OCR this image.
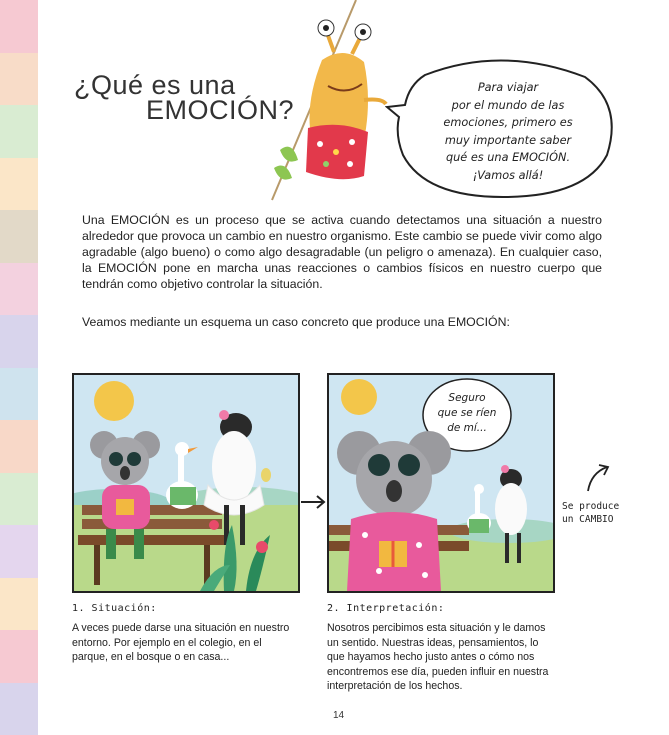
¿Qué es una
EMOCIÓN?
Para viajar
por el mundo de las
emociones, primero es
muy importante saber
qué es una EMOCIÓN.
¡Vamos allá!

Una EMOCIÓN es un proceso que se activa cuando detectamos una situación a nuestro alrededor que provoca un cambio en nuestro organismo. Este cambio se puede vivir como algo agradable (algo bueno) o como algo desagradable (un peligro o amenaza). En cualquier caso, la EMOCIÓN pone en marcha unas reacciones o cambios físicos en nuestro cuerpo que tendrán como objetivo controlar la situación.

Veamos mediante un esquema un caso concreto que produce una EMOCIÓN:

Seguro
que se ríen
de mí...
Se produce
un CAMBIO
1. Situación:
A veces puede darse una situación en nuestro entorno. Por ejemplo en el colegio, en el parque, en el bosque o en casa...
2. Interpretación:
Nosotros percibimos esta situación y le damos un sentido. Nuestras ideas, pensamientos, lo que hayamos hecho justo antes o cómo nos encontremos ese día, pueden influir en nuestra interpretación de los hechos.
14
